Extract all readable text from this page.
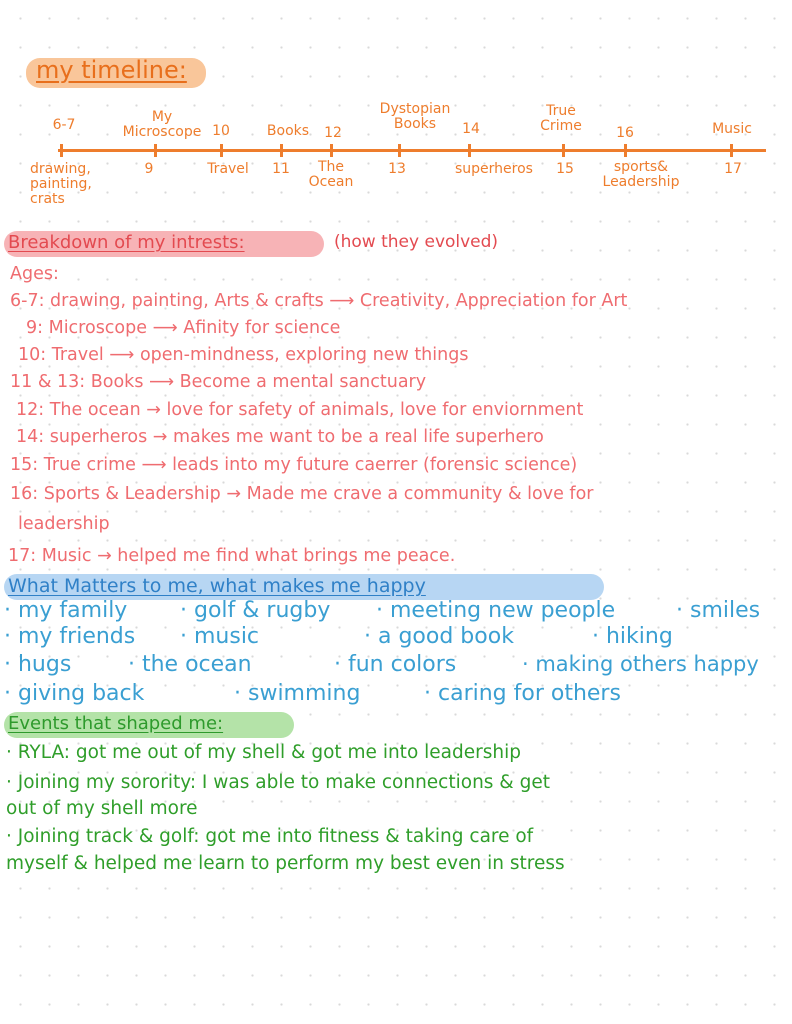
my timeline:
6-7	My
Microscope 10	Books	12
Dystopian
Books	14
True
Crime	16	Music
drawing,
painting,
crats
9	Travel	11	The
Ocean
13	superheros	15	sports&
Leadership
17
Breakdown of my intrests:	(how they evolved)
Ages:
6-7: drawing, painting, Arts & crafts ⟶ Creativity, Appreciation for Art
9: Microscope ⟶ Afinity for science
10: Travel ⟶ open-mindness, exploring new things
11 & 13: Books ⟶ Become a mental sanctuary
12: The ocean → love for safety of animals, love for enviornment
14: superheros → makes me want to be a real life superhero
15: True crime ⟶ leads into my future caerrer (forensic science)
16: Sports & Leadership → Made me crave a community & love for
leadership
17: Music → helped me find what brings me peace.
What Matters to me, what makes me happy
· my family · golf & rugby · meeting new people	· smiles
· my friends · music	· a good book	· hiking
· hugs	· the ocean	· fun colors	· making others happy
· giving back	· swimming	· caring for others
Events that shaped me:
· RYLA: got me out of my shell & got me into leadership
· Joining my sorority: I was able to make connections & get
out of my shell more
· Joining track & golf: got me into fitness & taking care of
myself & helped me learn to perform my best even in stress
